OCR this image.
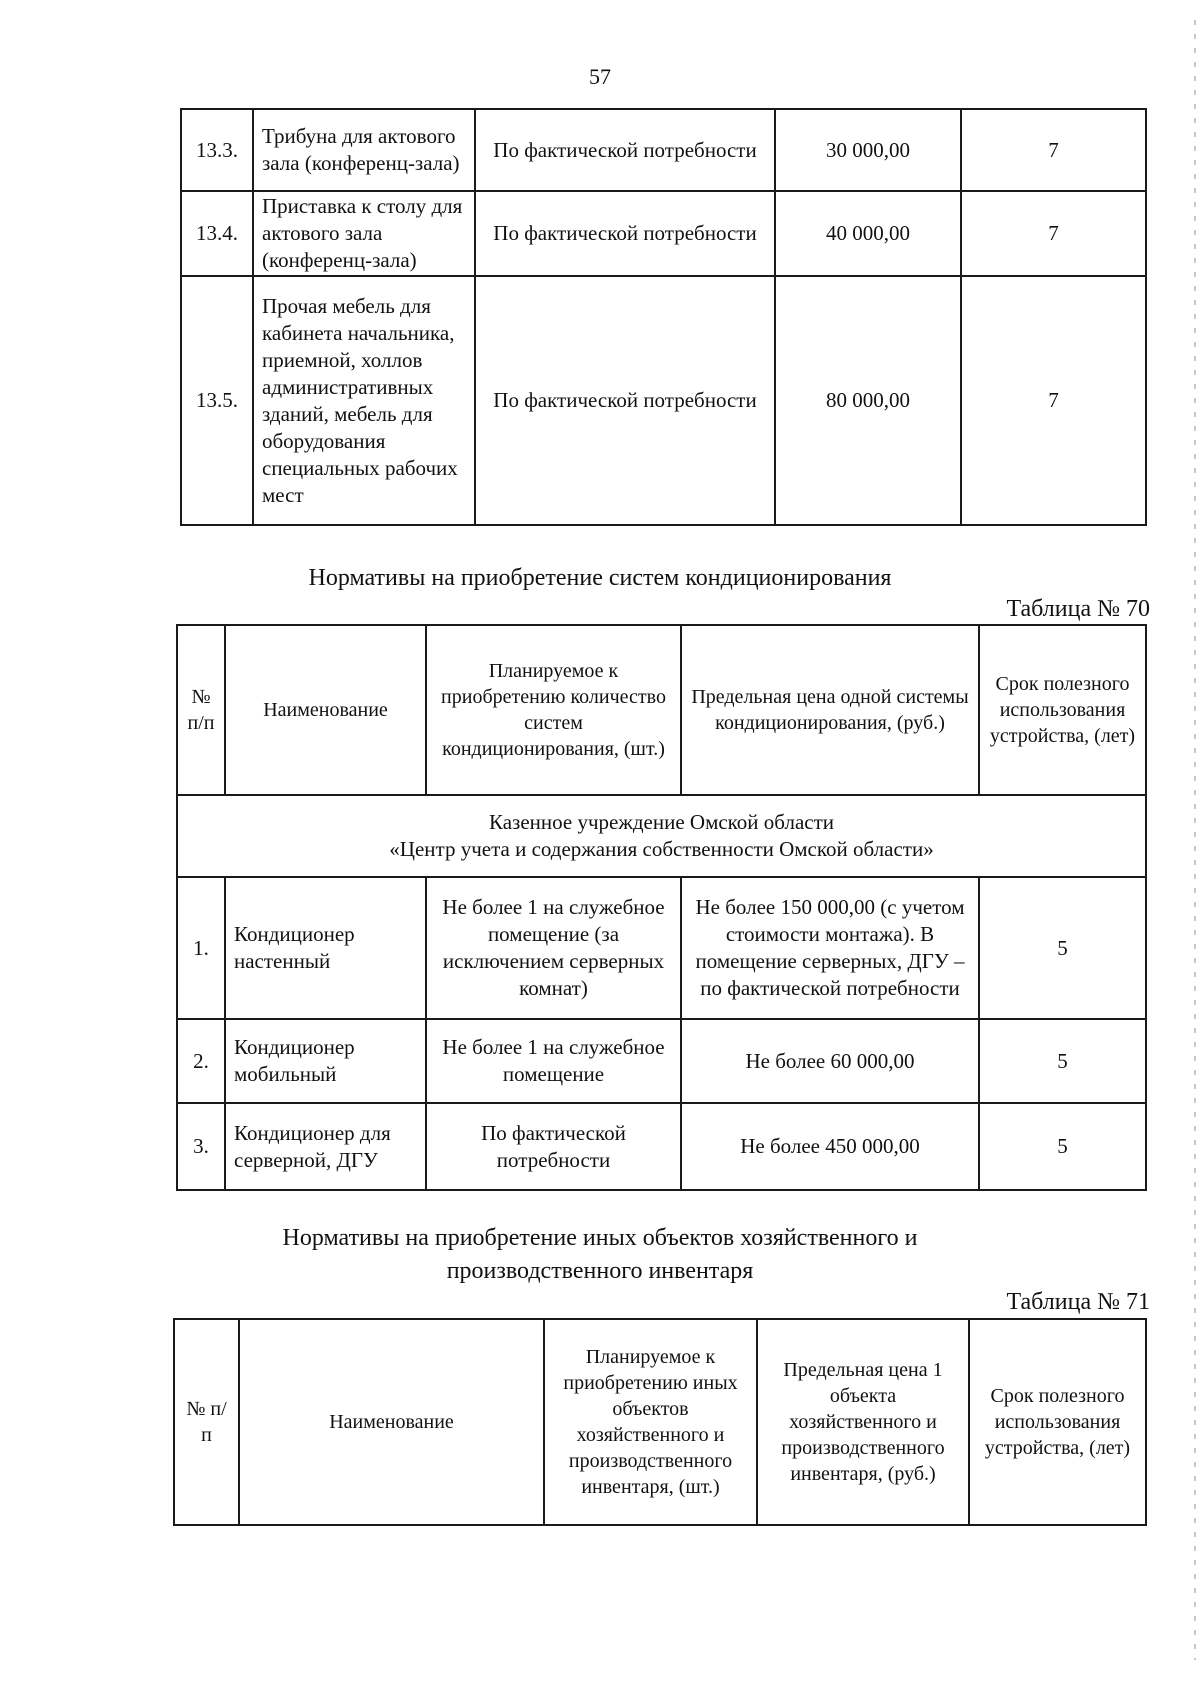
57
13.3.	Трибуна для актового зала (конференц-зала)	По фактической потребности	30 000,00	7
13.4.	Приставка к столу для актового зала (конференц-зала)	По фактической потребности	40 000,00	7
13.5.	Прочая мебель для кабинета начальника, приемной, холлов административных зданий, мебель для оборудования специальных рабочих мест	По фактической потребности	80 000,00	7
Нормативы на приобретение систем кондиционирования
Таблица № 70
№ п/п	Наименование	Планируемое к приобретению количество систем кондиционирования, (шт.)	Предельная цена одной системы кондиционирования, (руб.)	Срок полезного использования устройства, (лет)

Казенное учреждение Омской области
«Центр учета и содержания собственности Омской области»				

1.	Кондиционер настенный	Не более 1 на служебное помещение (за исключением серверных комнат)	Не более 150 000,00 (с учетом стоимости монтажа). В помещение серверных, ДГУ – по фактической потребности	5
2.	Кондиционер мобильный	Не более 1 на служебное помещение	Не более 60 000,00	5
3.	Кондиционер для серверной, ДГУ	По фактической потребности	Не более 450 000,00	5
Нормативы на приобретение иных объектов хозяйственного и
производственного инвентаря
Таблица № 71
№ п/п	Наименование	Планируемое к приобретению иных объектов хозяйственного и производственного инвентаря, (шт.)	Предельная цена 1 объекта хозяйственного и производственного инвентаря, (руб.)	Срок полезного использования устройства, (лет)
